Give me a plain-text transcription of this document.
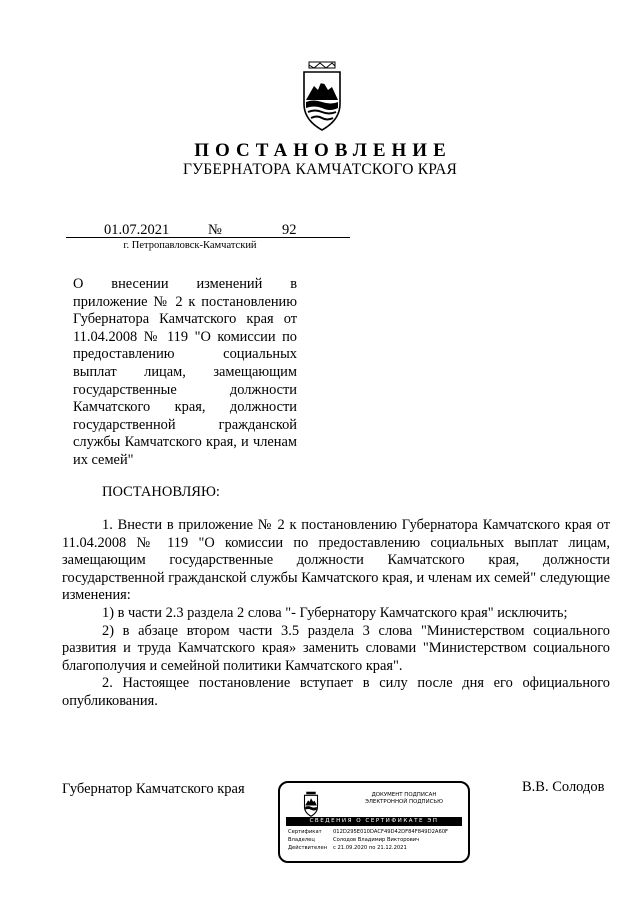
ПОСТАНОВЛЕНИЕ
ГУБЕРНАТОРА КАМЧАТСКОГО КРАЯ
01.07.2021	№	92
г. Петропавловск-Камчатский
О внесении изменений в приложение № 2 к постановлению Губернатора Камчатского края от 11.04.2008 № 119 "О комиссии по предоставлению социальных выплат лицам, замещающим государственные должности Камчатского края, должности государственной гражданской службы Камчатского края, и членам их семей"
ПОСТАНОВЛЯЮ:

1. Внести в приложение № 2 к постановлению Губернатора Камчатского края от 11.04.2008 № 119 "О комиссии по предоставлению социальных выплат лицам, замещающим государственные должности Камчатского края, должности государственной гражданской службы Камчатского края, и членам их семей" следующие изменения:

1) в части 2.3 раздела 2 слова "- Губернатору Камчатского края" исключить;

2) в абзаце втором части 3.5 раздела 3 слова "Министерством социального развития и труда Камчатского края» заменить словами "Министерством социального благополучия и семейной политики Камчатского края".

2. Настоящее постановление вступает в силу после дня его официального опубликования.

Губернатор Камчатского края	В.В. Солодов
ДОКУМЕНТ ПОДПИСАН
ЭЛЕКТРОННОЙ ПОДПИСЬЮ
СВЕДЕНИЯ О СЕРТИФИКАТЕ ЭП
Сертификат 012D295E010DACF49D42DF84F849D2A60F
Владелец	Солодов Владимир Викторович
Действителен с 21.09.2020 по 21.12.2021
